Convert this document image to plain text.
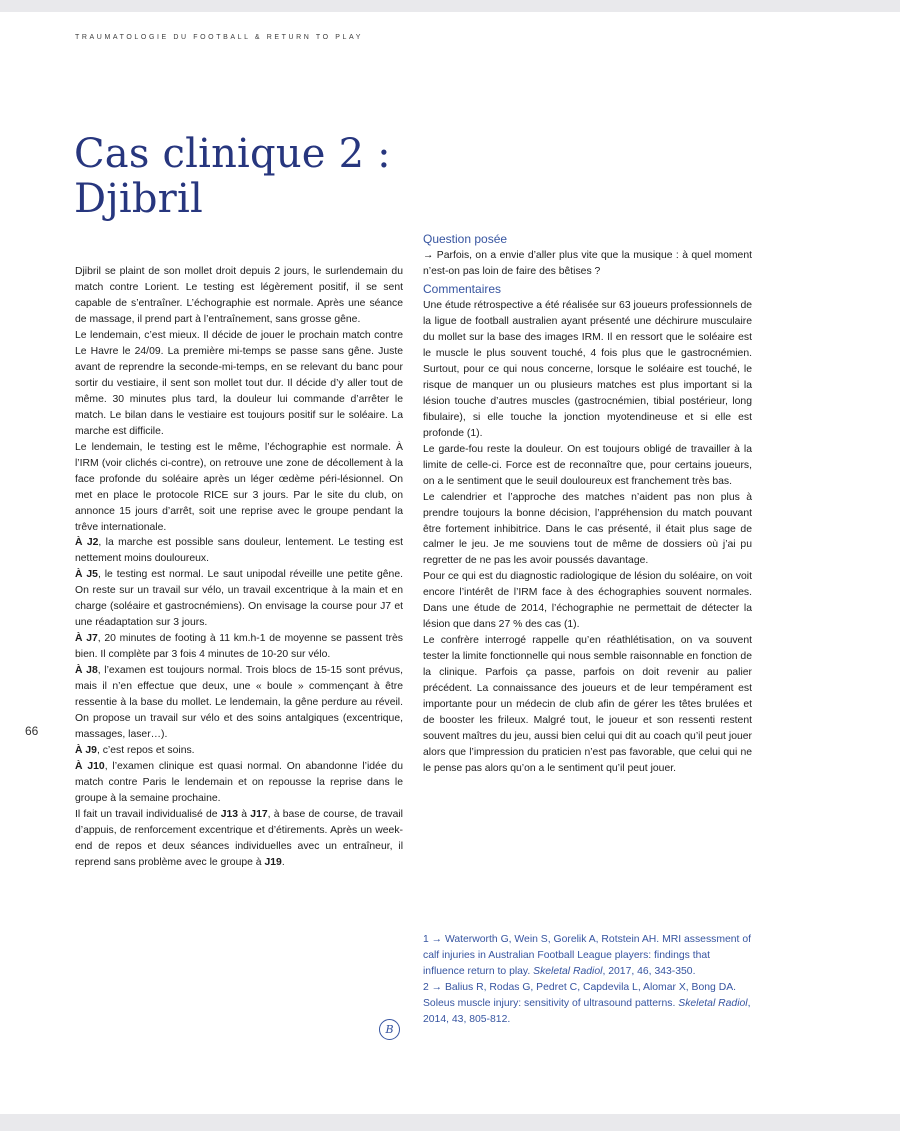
TRAUMATOLOGIE DU FOOTBALL & RETURN TO PLAY
Cas clinique 2 :
Djibril

Djibril se plaint de son mollet droit depuis 2 jours, le surlendemain du match contre Lorient. Le testing est légèrement positif, il se sent capable de s’entraîner. L’échographie est normale. Après une séance de massage, il prend part à l’entraînement, sans grosse gêne.

Le lendemain, c’est mieux. Il décide de jouer le prochain match contre Le Havre le 24/09. La première mi-temps se passe sans gêne. Juste avant de reprendre la seconde-mi-temps, en se relevant du banc pour sortir du vestiaire, il sent son mollet tout dur. Il décide d’y aller tout de même. 30 minutes plus tard, la douleur lui commande d’arrêter le match. Le bilan dans le vestiaire est toujours positif sur le soléaire. La marche est difficile.

Le lendemain, le testing est le même, l’échographie est normale. À l’IRM (voir clichés ci-contre), on retrouve une zone de décollement à la face profonde du soléaire après un léger œdème péri-lésionnel. On met en place le protocole RICE sur 3 jours. Par le site du club, on annonce 15 jours d’arrêt, soit une reprise avec le groupe pendant la trêve internationale.

À J2, la marche est possible sans douleur, lentement. Le testing est nettement moins douloureux.

À J5, le testing est normal. Le saut unipodal réveille une petite gêne. On reste sur un travail sur vélo, un travail excentrique à la main et en charge (soléaire et gastrocnémiens). On envisage la course pour J7 et une réadaptation sur 3 jours.

À J7, 20 minutes de footing à 11 km.h-1 de moyenne se passent très bien. Il complète par 3 fois 4 minutes de 10-20 sur vélo.

À J8, l’examen est toujours normal. Trois blocs de 15-15 sont prévus, mais il n’en effectue que deux, une « boule » commençant à être ressentie à la base du mollet. Le lendemain, la gêne perdure au réveil. On propose un travail sur vélo et des soins antalgiques (excentrique, massages, laser…).

À J9, c’est repos et soins.

À J10, l’examen clinique est quasi normal. On abandonne l’idée du match contre Paris le lendemain et on repousse la reprise dans le groupe à la semaine prochaine.

Il fait un travail individualisé de J13 à J17, à base de course, de travail d’appuis, de renforcement excentrique et d’étirements. Après un week-end de repos et deux séances individuelles avec un entraîneur, il reprend sans problème avec le groupe à J19.

Question posée

→ Parfois, on a envie d’aller plus vite que la musique : à quel moment n’est-on pas loin de faire des bêtises ?

Commentaires

Une étude rétrospective a été réalisée sur 63 joueurs professionnels de la ligue de football australien ayant présenté une déchirure musculaire du mollet sur la base des images IRM. Il en ressort que le soléaire est le muscle le plus souvent touché, 4 fois plus que le gastrocnémien. Surtout, pour ce qui nous concerne, lorsque le soléaire est touché, le risque de manquer un ou plusieurs matches est plus important si la lésion touche d’autres muscles (gastrocnémien, tibial postérieur, long fibulaire), si elle touche la jonction myotendineuse et si elle est profonde (1).

Le garde-fou reste la douleur. On est toujours obligé de travailler à la limite de celle-ci. Force est de reconnaître que, pour certains joueurs, on a le sentiment que le seuil douloureux est franchement très bas.

Le calendrier et l’approche des matches n’aident pas non plus à prendre toujours la bonne décision, l’appréhension du match pouvant être fortement inhibitrice. Dans le cas présenté, il était plus sage de calmer le jeu. Je me souviens tout de même de dossiers où j’ai pu regretter de ne pas les avoir poussés davantage.

Pour ce qui est du diagnostic radiologique de lésion du soléaire, on voit encore l’intérêt de l’IRM face à des échographies souvent normales. Dans une étude de 2014, l’échographie ne permettait de détecter la lésion que dans 27 % des cas (1).

Le confrère interrogé rappelle qu’en réathlétisation, on va souvent tester la limite fonctionnelle qui nous semble raisonnable en fonction de la clinique. Parfois ça passe, parfois on doit revenir au palier précédent. La connaissance des joueurs et de leur tempérament est importante pour un médecin de club afin de gérer les têtes brulées et de booster les frileux. Malgré tout, le joueur et son ressenti restent souvent maîtres du jeu, aussi bien celui qui dit au coach qu’il peut jouer alors que l’impression du praticien n’est pas favorable, que celui qui ne le pense pas alors qu’on a le sentiment qu’il peut jouer.

66

1 → Waterworth G, Wein S, Gorelik A, Rotstein AH. MRI assessment of calf injuries in Australian Football League players: findings that influence return to play. Skeletal Radiol, 2017, 46, 343-350.

2 → Balius R, Rodas G, Pedret C, Capdevila L, Alomar X, Bong DA. Soleus muscle injury: sensitivity of ultrasound patterns. Skeletal Radiol, 2014, 43, 805-812.

B
